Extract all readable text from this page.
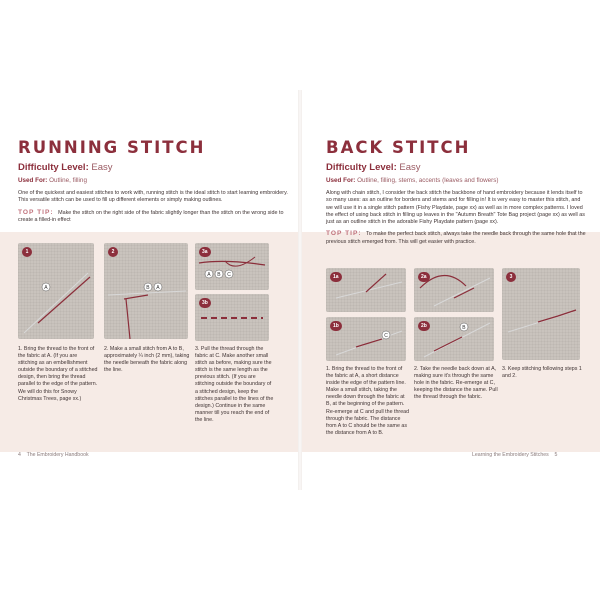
RUNNING STITCH
Difficulty Level: Easy
Used For: Outline, filling

One of the quickest and easiest stitches to work with, running stitch is the ideal stitch to start learning embroidery. This versatile stitch can be used to fill up different elements or simply making outlines.

TOP TIP: Make the stitch on the right side of the fabric slightly longer than the stitch on the wrong side to create a filled-in effect

A
1
B A
2
A B C
3a
3b
1. Bring the thread to the front of the fabric at A. (If you are stitching as an embellishment outside the boundary of a stitched design, then bring the thread parallel to the edge of the pattern. We will do this for Snowy Christmas Trees, page xx.)
2. Make a small stitch from A to B, approximately ¼ inch (2 mm), taking the needle beneath the fabric along the line.
3. Pull the thread through the fabric at C. Make another small stitch as before, making sure the stitch is the same length as the previous stitch. (If you are stitching outside the boundary of a stitched design, keep the stitches parallel to the lines of the design.) Continue in the same manner till you reach the end of the line.
4 The Embroidery Handbook
BACK STITCH
Difficulty Level: Easy
Used For: Outline, filling, stems, accents (leaves and flowers)

Along with chain stitch, I consider the back stitch the backbone of hand embroidery because it lends itself to so many uses: as an outline for borders and stems and for filling in! It is very easy to master this stitch, and we will use it in a single stitch pattern (Fishy Playdate, page xx) as well as in more complex patterns. I loved the effect of using back stitch in filling up leaves in the "Autumn Breath" Tote Bag project (page xx) as well as just as an outline stitch in the adorable Fishy Playdate pattern (page xx).

TOP TIP: To make the perfect back stitch, always take the needle back through the same hole that the previous stitch emerged from. This will get easier with practice.

1a	2a	3
C
1b	B
2b
1. Bring the thread to the front of the fabric at A, a short distance inside the edge of the pattern line. Make a small stitch, taking the needle down through the fabric at B, at the beginning of the pattern. Re-emerge at C and pull the thread through the fabric. The distance from A to C should be the same as the distance from A to B.
2. Take the needle back down at A, making sure it's through the same hole in the fabric. Re-emerge at C, keeping the distance the same. Pull the thread through the fabric.
3. Keep stitching following steps 1 and 2.
Learning the Embroidery Stitches 5
